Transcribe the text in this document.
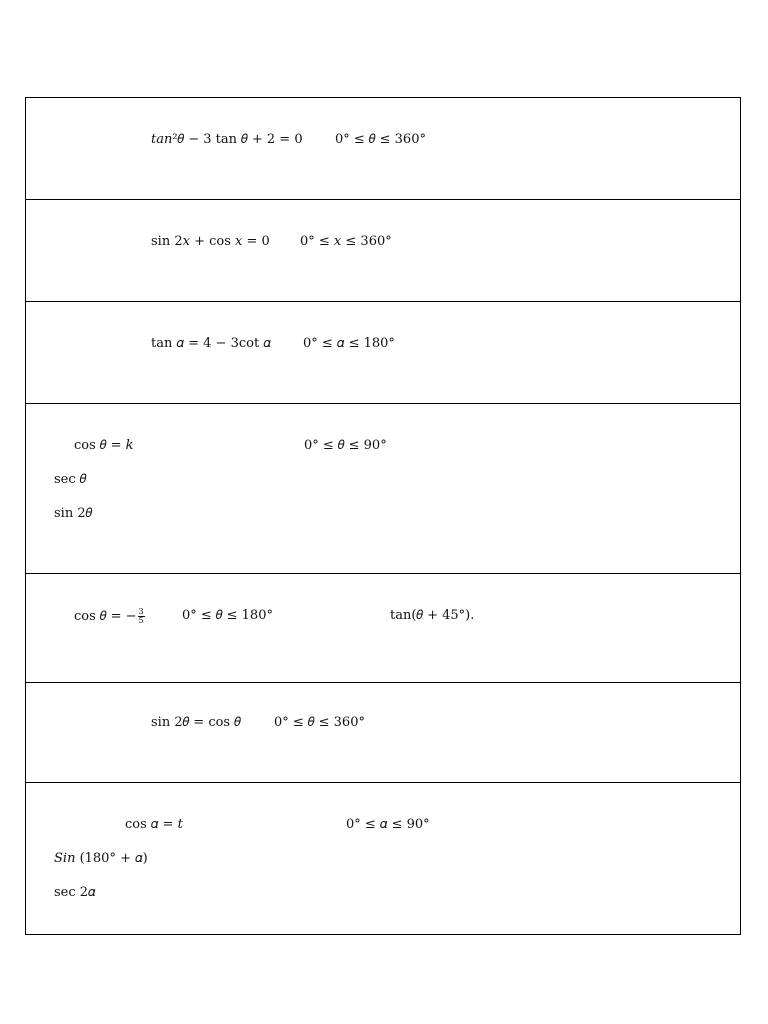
𝑡𝑎𝑛²𝜃 − 3 tan 𝜃 + 2 = 0 0° ≤ 𝜃 ≤ 360°
sin 2𝑥 + cos 𝑥 = 0 0° ≤ 𝑥 ≤ 360°
tan 𝛼 = 4 − 3cot 𝛼 0° ≤ 𝛼 ≤ 180°
cos 𝜃 = 𝑘	0° ≤ 𝜃 ≤ 90°
sec 𝜃
sin 2𝜃
cos 𝜃 = − $\frac{3}{5}$	0° ≤ 𝜃 ≤ 180°	tan(𝜃 + 45°).
sin 2𝜃 = cos 𝜃	0° ≤ 𝜃 ≤ 360°
cos 𝛼 = 𝑡	0° ≤ 𝛼 ≤ 90°
𝑆𝑖𝑛 (180° + 𝛼)
sec 2𝛼
